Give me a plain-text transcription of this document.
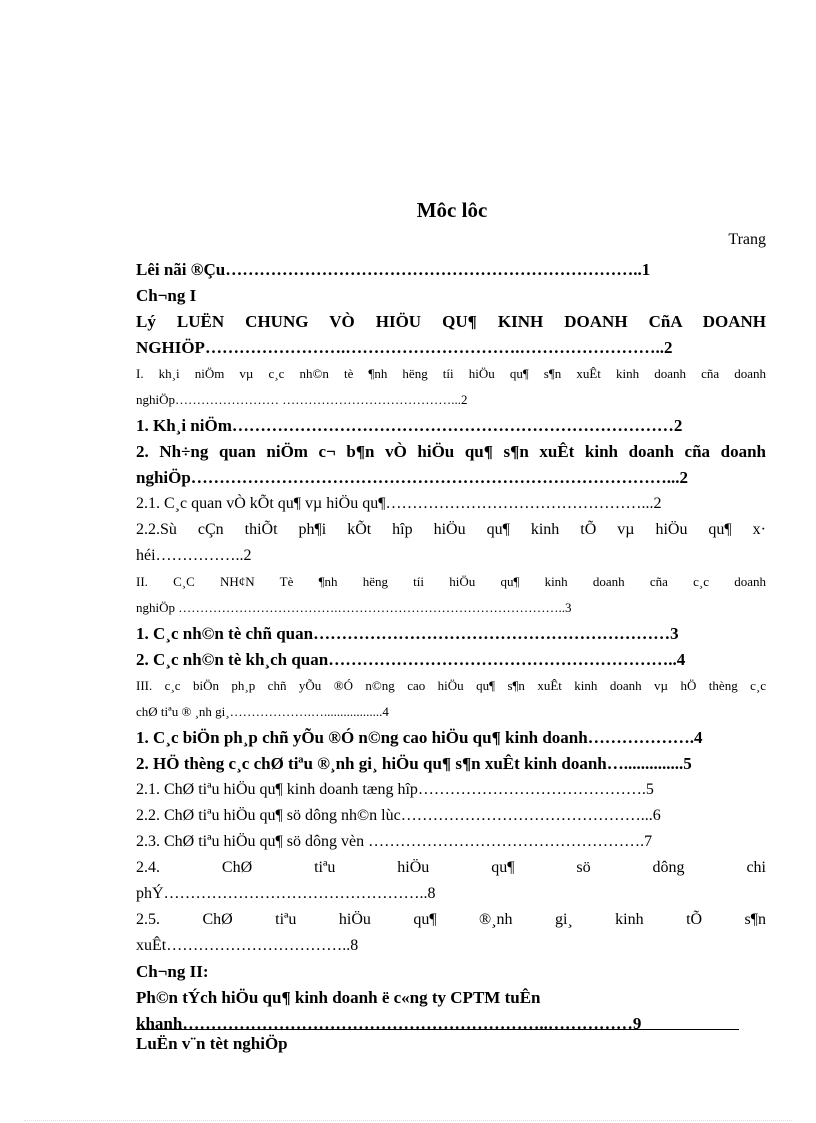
Môc lôc
Trang
Lêi nãi ®Çu………………………………………………………………..1
Ch¬ng I
Lý LUËN CHUNG VÒ HIÖU QU¶ KINH DOANH CñA DOANH
NGHIÖP…………………….………………………….……………………..2
I. kh¸i niÖm vµ c¸c nh©n tè ¶nh hëng tíi hiÖu qu¶ s¶n xuÊt kinh doanh cña doanh
nghiÖp…………………… …………………………………...2
1. Kh¸i niÖm……………………………………………………………………2
2. Nh÷ng quan niÖm c¬ b¶n vÒ hiÖu qu¶ s¶n xuÊt kinh doanh cña doanh
nghiÖp…………………………………………………………………………...2
2.1. C¸c quan vÒ kÕt qu¶ vµ hiÖu qu¶…………………………………………...2
2.2.Sù cÇn thiÕt ph¶i kÕt hîp hiÖu qu¶ kinh tÕ vµ hiÖu qu¶ x·
héi……………..2
II. C¸C NH¢N Tè ¶nh hëng tíi hiÖu qu¶ kinh doanh cña c¸c doanh
nghiÖp ……………………………….……………………………………………..3
1. C¸c nh©n tè chñ quan………………………………………………………3
2. C¸c nh©n tè kh¸ch quan……………………………………………………..4
III. c¸c biÖn ph¸p chñ yÕu ®Ó n©ng cao hiÖu qu¶ s¶n xuÊt kinh doanh vµ hÖ thèng c¸c
chØ tiªu ® ¸nh gi¸……………….…..................4
1. C¸c biÖn ph¸p chñ yÕu ®Ó n©ng cao hiÖu qu¶ kinh doanh……………….4
2. HÖ thèng c¸c chØ tiªu ®¸nh gi¸ hiÖu qu¶ s¶n xuÊt kinh doanh…..............5
2.1. ChØ tiªu hiÖu qu¶ kinh doanh tæng hîp…………………………………….5
2.2. ChØ tiªu hiÖu qu¶ sö dông nh©n lùc………………………………………...6
2.3. ChØ tiªu hiÖu qu¶ sö dông vèn …………………………………………….7
2.4. ChØ tiªu hiÖu qu¶ sö dông chi
phÝ…………………………………………..8
2.5. ChØ tiªu hiÖu qu¶ ®¸nh gi¸ kinh tÕ s¶n
xuÊt……………………………..8
Ch¬ng II:
Ph©n tÝch hiÖu qu¶ kinh doanh ë c«ng ty CPTM tuÊn
khanh………………………………………………………..……………9
LuËn v¨n tèt nghiÖp
